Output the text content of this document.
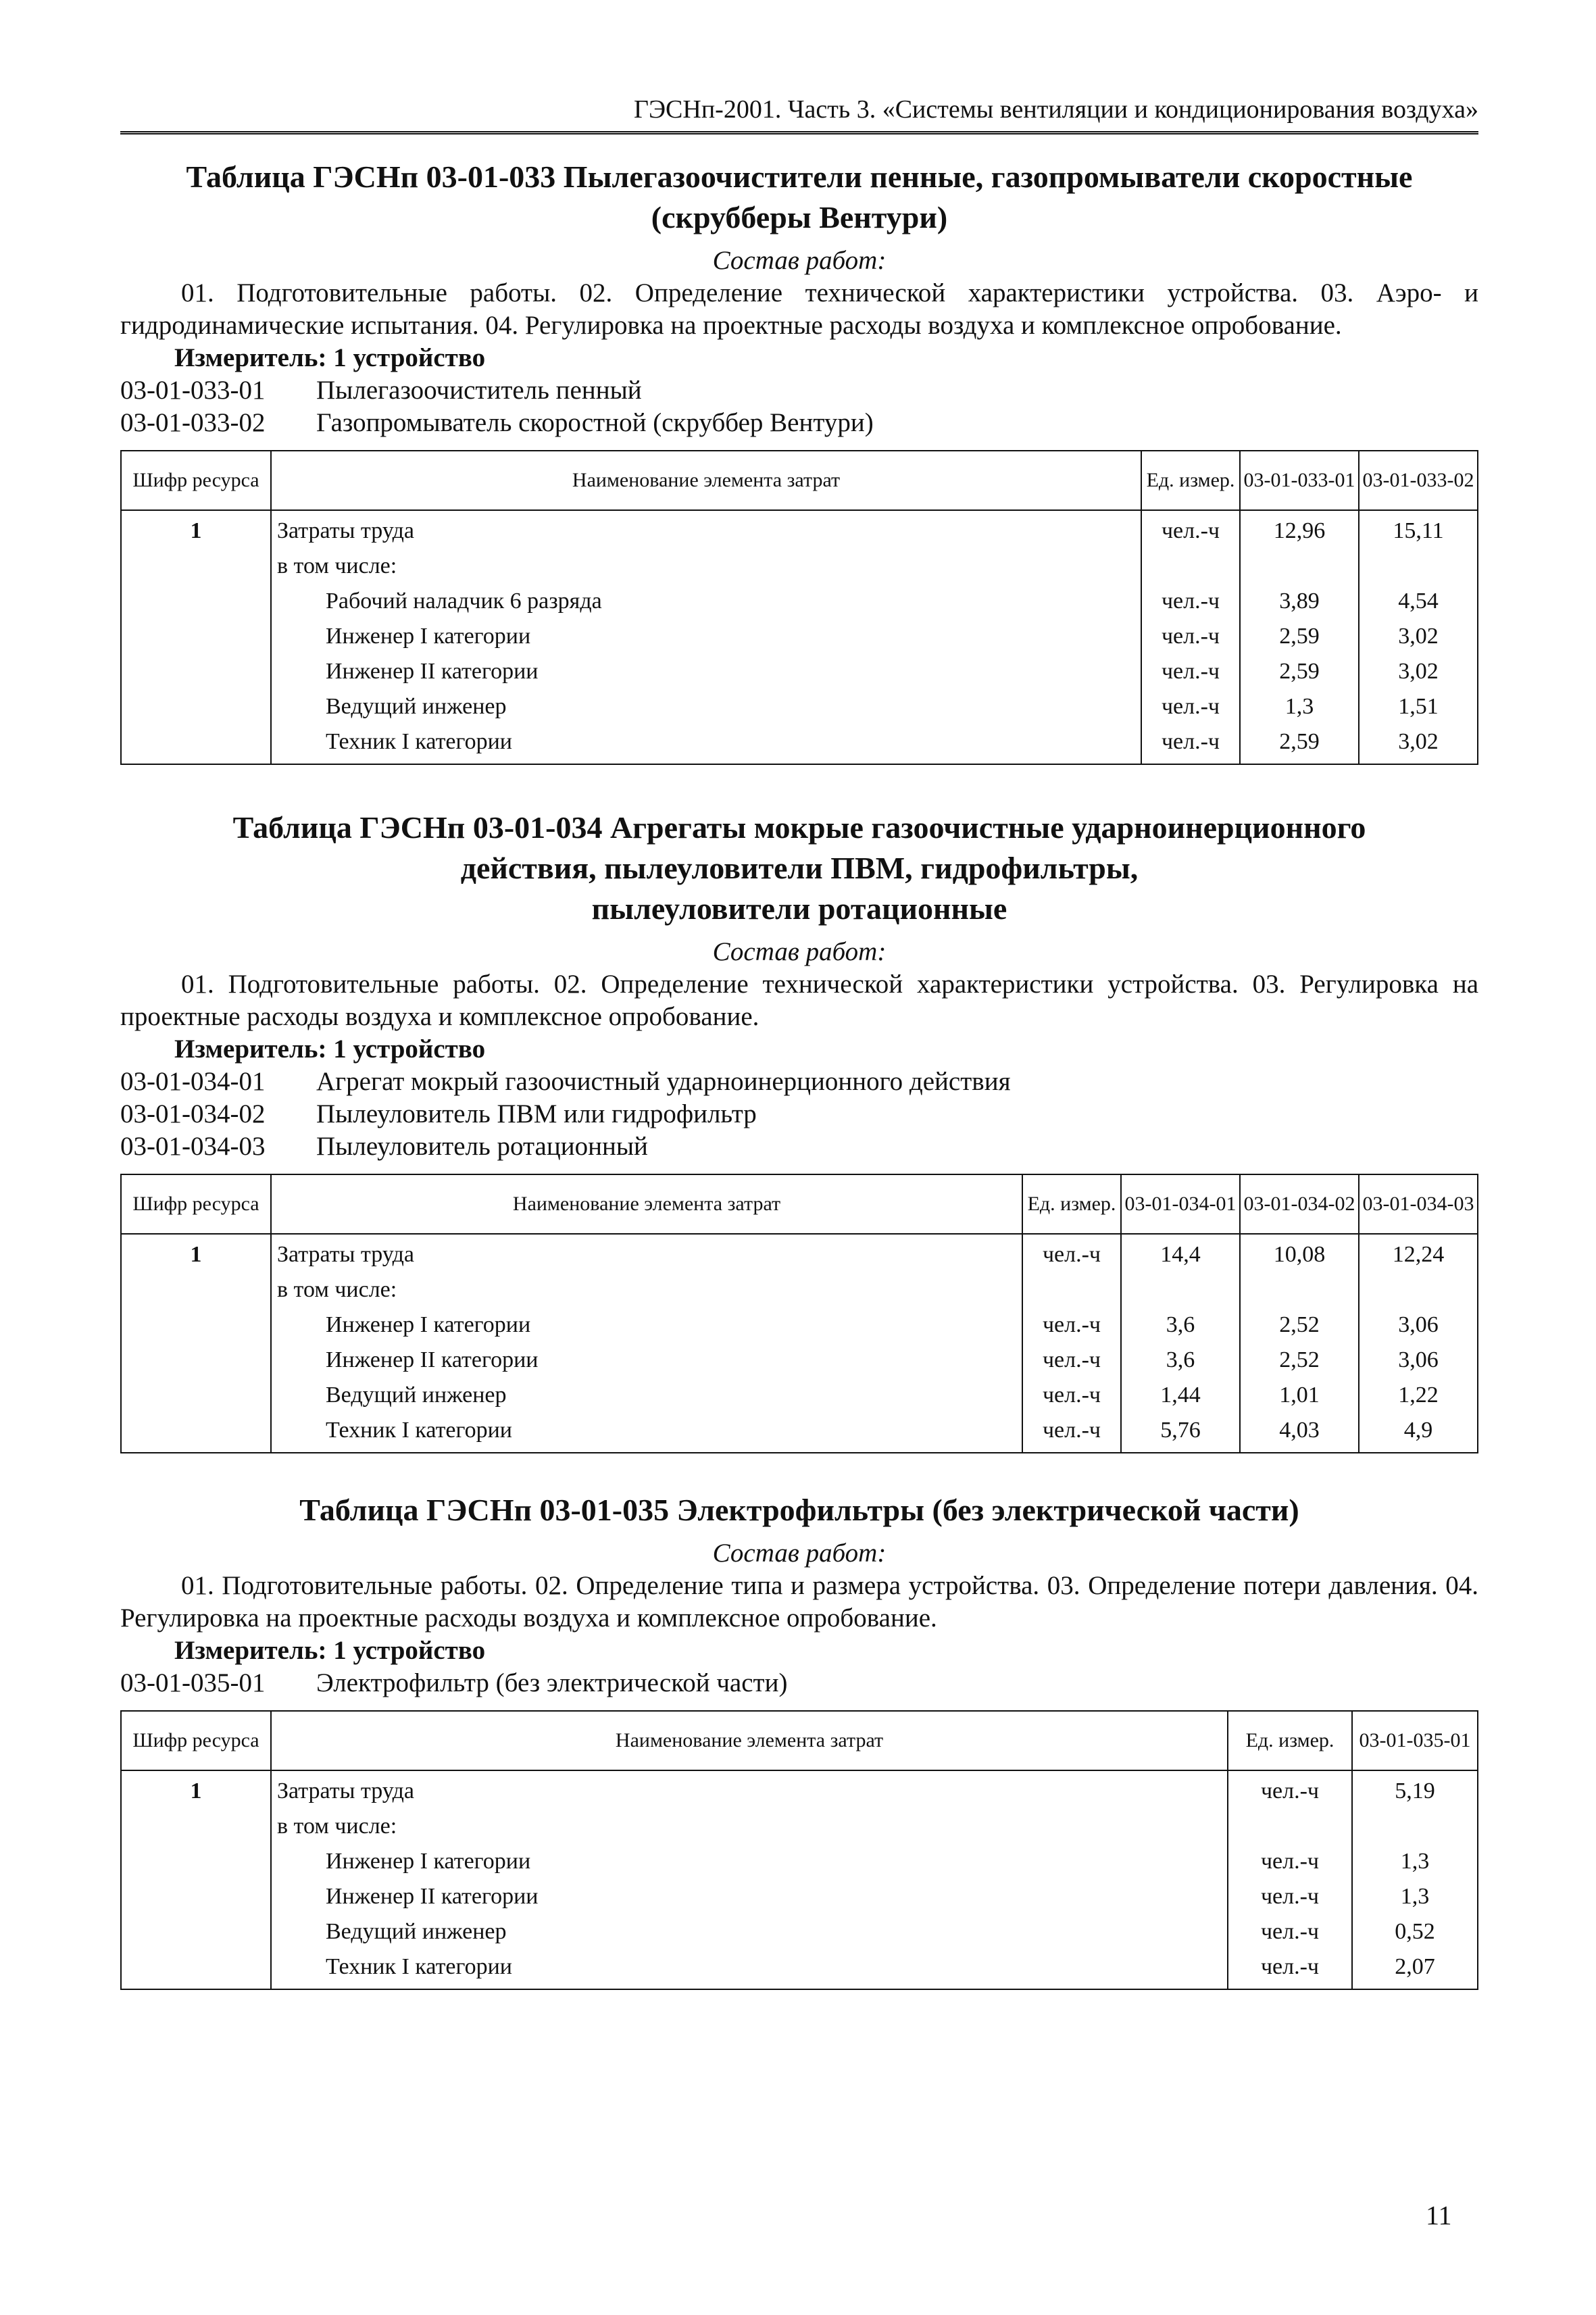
ГЭСНп-2001. Часть 3. «Системы вентиляции и кондиционирования воздуха»
Таблица ГЭСНп 03-01-033 Пылегазоочистители пенные, газопромыватели скоростные
(скрубберы Вентури)
Состав работ:
01. Подготовительные работы. 02. Определение технической характеристики устройства. 03. Аэро- и гидродинамические испытания. 04. Регулировка на проектные расходы воздуха и комплексное опробование.
Измеритель: 1 устройство
03-01-033-01	Пылегазоочиститель пенный
03-01-033-02	Газопромыватель скоростной (скруббер Вентури)
Шифр ресурса	Наименование элемента затрат	Ед. измер.	03-01-033-01	03-01-033-02
1	Затраты труда	чел.-ч	12,96	15,11
	в том числе:			
	Рабочий наладчик 6 разряда	чел.-ч	3,89	4,54
	Инженер I категории	чел.-ч	2,59	3,02
	Инженер II категории	чел.-ч	2,59	3,02
	Ведущий инженер	чел.-ч	1,3	1,51
	Техник I категории	чел.-ч	2,59	3,02
Таблица ГЭСНп 03-01-034 Агрегаты мокрые газоочистные ударноинерционного
действия, пылеуловители ПВМ, гидрофильтры,
пылеуловители ротационные
Состав работ:
01. Подготовительные работы. 02. Определение технической характеристики устройства. 03. Регулировка на проектные расходы воздуха и комплексное опробование.
Измеритель: 1 устройство
03-01-034-01	Агрегат мокрый газоочистный ударноинерционного действия
03-01-034-02	Пылеуловитель ПВМ или гидрофильтр
03-01-034-03	Пылеуловитель ротационный
Шифр ресурса	Наименование элемента затрат	Ед. измер.	03-01-034-01	03-01-034-02	03-01-034-03
1	Затраты труда	чел.-ч	14,4	10,08	12,24
	в том числе:				
	Инженер I категории	чел.-ч	3,6	2,52	3,06
	Инженер II категории	чел.-ч	3,6	2,52	3,06
	Ведущий инженер	чел.-ч	1,44	1,01	1,22
	Техник I категории	чел.-ч	5,76	4,03	4,9
Таблица ГЭСНп 03-01-035 Электрофильтры (без электрической части)
Состав работ:
01. Подготовительные работы. 02. Определение типа и размера устройства. 03. Определение потери давления. 04. Регулировка на проектные расходы воздуха и комплексное опробование.
Измеритель: 1 устройство
03-01-035-01	Электрофильтр (без электрической части)
Шифр ресурса	Наименование элемента затрат	Ед. измер.	03-01-035-01
1	Затраты труда	чел.-ч	5,19
	в том числе:		
	Инженер I категории	чел.-ч	1,3
	Инженер II категории	чел.-ч	1,3
	Ведущий инженер	чел.-ч	0,52
	Техник I категории	чел.-ч	2,07
11
